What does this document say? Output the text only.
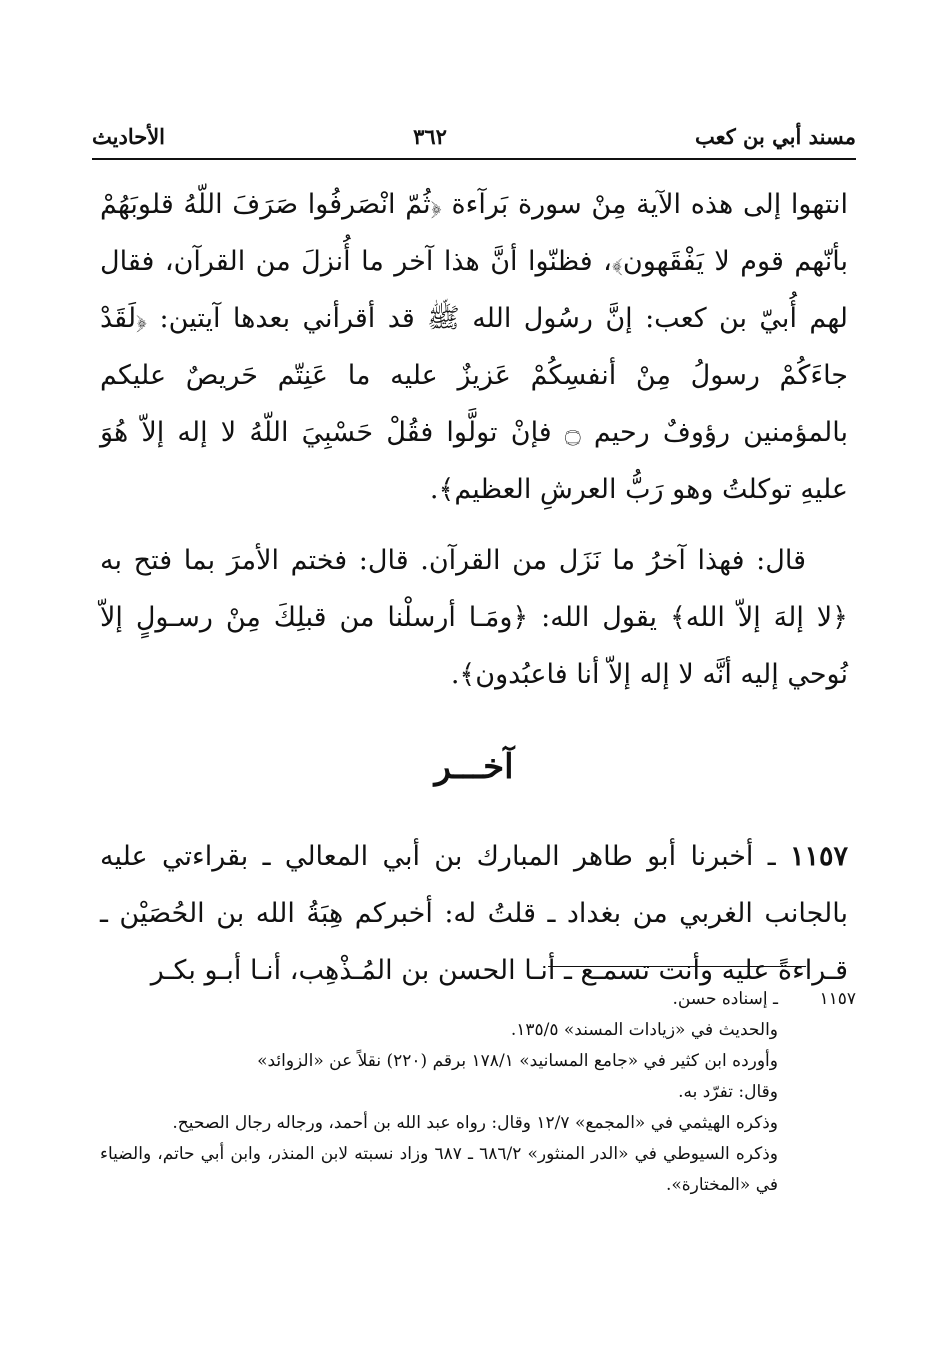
مسند أبي بن كعب
٣٦٢
الأحاديث

انتهوا إلى هذه الآية مِنْ سورة بَرآءة ﴿ثُمّ انْصَرفُوا صَرَفَ اللّهُ قلوبَهُمْ بأنّهم قوم لا يَفْقَهون﴾، فظنّوا أنَّ هذا آخر ما أُنزلَ من القرآن، فقال لهم أُبيّ بن كعب: إنَّ رسُول الله ﷺ قد أقرأني بعدها آيتين: ﴿لَقَدْ جاءَكُمْ رسولُ مِنْ أنفسِكُمْ عَزيزٌ عليه ما عَنِتّم حَريصٌ عليكم بالمؤمنين رؤوفٌ رحيم ۝ فإنْ تولَّوا فقُلْ حَسْبِيَ اللّهُ لا إله إلاّ هُوَ عليهِ توكلتُ وهو رَبُّ العرشِ العظيم﴾.

قال: فهذا آخرُ ما نَزَل من القرآن. قال: فختم الأمرَ بما فتح به ﴿لا إلهَ إلاّ الله﴾ يقول الله: ﴿ومَـا أرسلْنا من قبلِكَ مِنْ رسـولٍ إلاّ نُوحي إليه أنَّه لا إله إلاّ أنا فاعبُدون﴾.

آخـــر

١١٥٧ ـ أخبرنا أبو طاهر المبارك بن أبي المعالي ـ بقراءتي عليه بالجانب الغربي من بغداد ـ قلتُ له: أخبركم هِبَةُ الله بن الحُصَيْن ـ قـراءةً عليه وأنت تسمـع ـ أنـا الحسن بن المُـذْهِب، أنـا أبـو بكـر

١١٥٧
ـ إسناده حسن.
والحديث في «زيادات المسند» ١٣٥/٥.
وأورده ابن كثير في «جامع المسانيد» ١٧٨/١ برقم (٢٢٠) نقلاً عن «الزوائد»
وقال: تفرّد به.
وذكره الهيثمي في «المجمع» ١٢/٧ وقال: رواه عبد الله بن أحمد، ورجاله رجال الصحيح.
وذكره السيوطي في «الدر المنثور» ٦٨٦/٢ ـ ٦٨٧ وزاد نسبته لابن المنذر، وابن أبي حاتم، والضياء في «المختارة».
